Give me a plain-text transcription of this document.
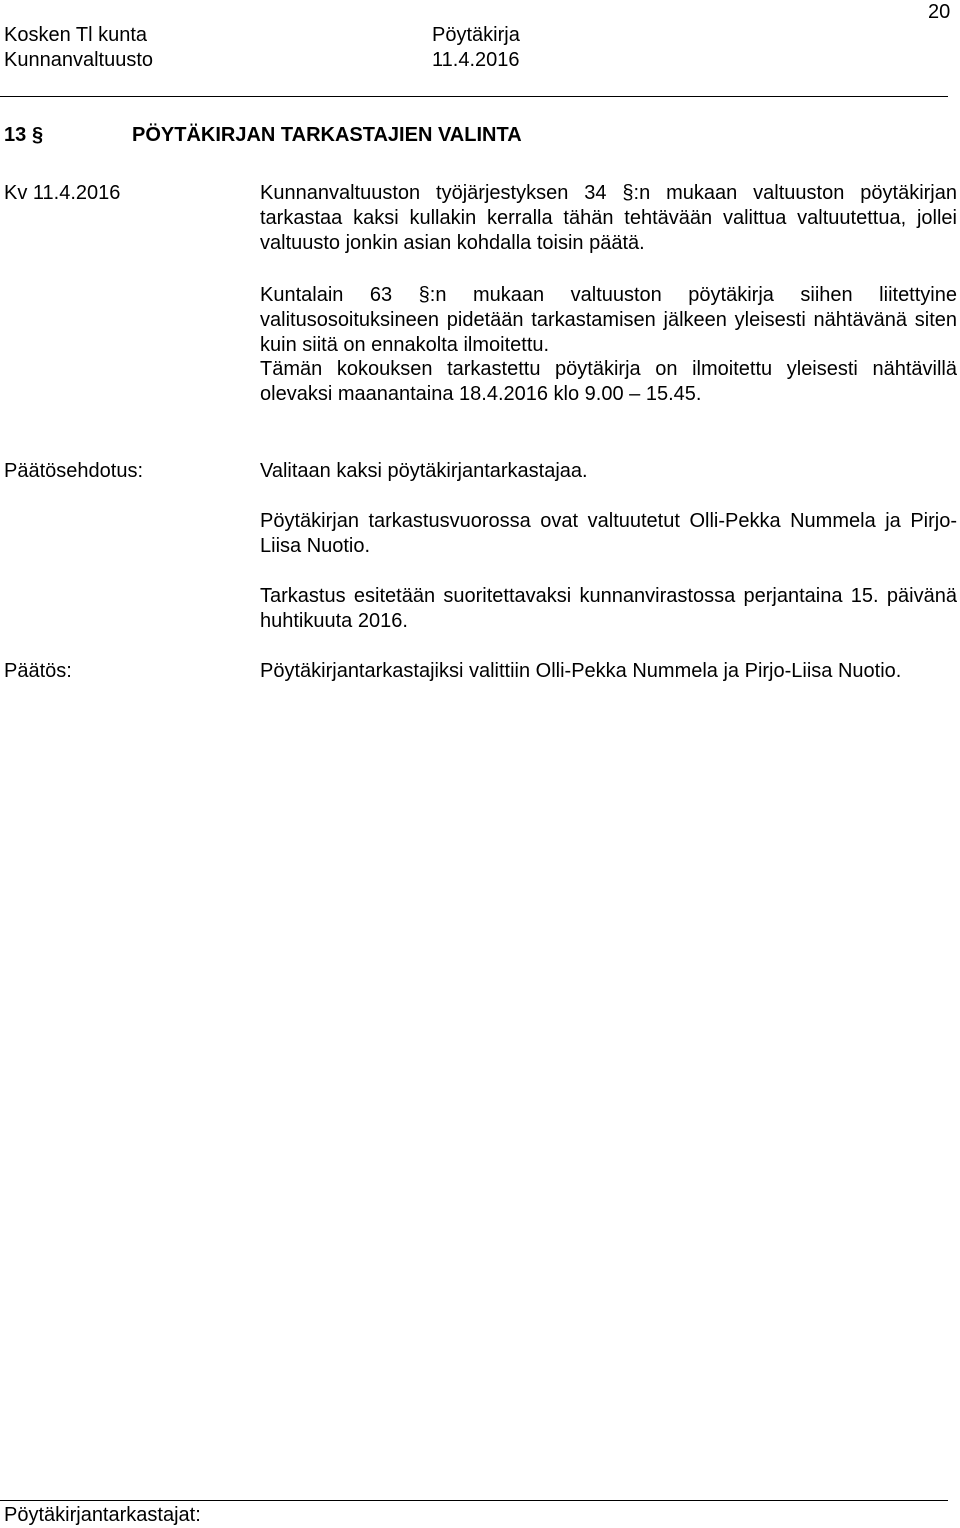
20
Kosken Tl kunta
Kunnanvaltuusto
Pöytäkirja
11.4.2016
13 §	PÖYTÄKIRJAN TARKASTAJIEN VALINTA
Kv 11.4.2016	Kunnanvaltuuston työjärjestyksen 34 §:n mukaan valtuuston pöytäkirjan tarkastaa kaksi kullakin kerralla tähän tehtävään valittua valtuutettua, jollei valtuusto jonkin asian kohdalla toisin päätä.
Kuntalain 63 §:n mukaan valtuuston pöytäkirja siihen liitettyine valitusosoituksineen pidetään tarkastamisen jälkeen yleisesti nähtävänä siten kuin siitä on ennakolta ilmoitettu.
Tämän kokouksen tarkastettu pöytäkirja on ilmoitettu yleisesti nähtävillä olevaksi maanantaina 18.4.2016 klo 9.00 – 15.45.
Päätösehdotus:	Valitaan kaksi pöytäkirjantarkastajaa.
Pöytäkirjan tarkastusvuorossa ovat valtuutetut Olli-Pekka Nummela ja Pirjo-Liisa Nuotio.
Tarkastus esitetään suoritettavaksi kunnanvirastossa perjantaina 15. päivänä huhtikuuta 2016.
Päätös:	Pöytäkirjantarkastajiksi valittiin Olli-Pekka Nummela ja Pirjo-Liisa Nuotio.
Pöytäkirjantarkastajat:
